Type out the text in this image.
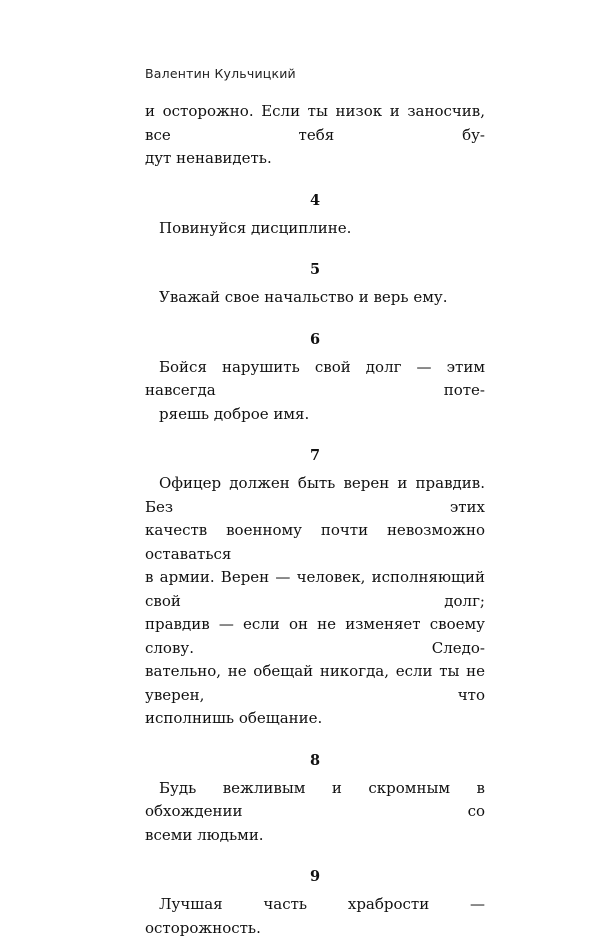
Валентин Кульчицкий

и осторожно. Если ты низок и заносчив, все тебя бу-
дут ненавидеть.

4

Повинуйся дисциплине.

5

Уважай свое начальство и верь ему.

6

Бойся нарушить свой долг — этим навсегда поте-
ряешь доброе имя.

7

Офицер должен быть верен и правдив. Без этих
качеств военному почти невозможно оставаться
в армии. Верен — человек, исполняющий свой долг;
правдив — если он не изменяет своему слову. Следо-
вательно, не обещай никогда, если ты не уверен, что
исполнишь обещание.

8

Будь вежливым и скромным в обхождении со
всеми людьми.

9

Лучшая часть храбрости — осторожность.
